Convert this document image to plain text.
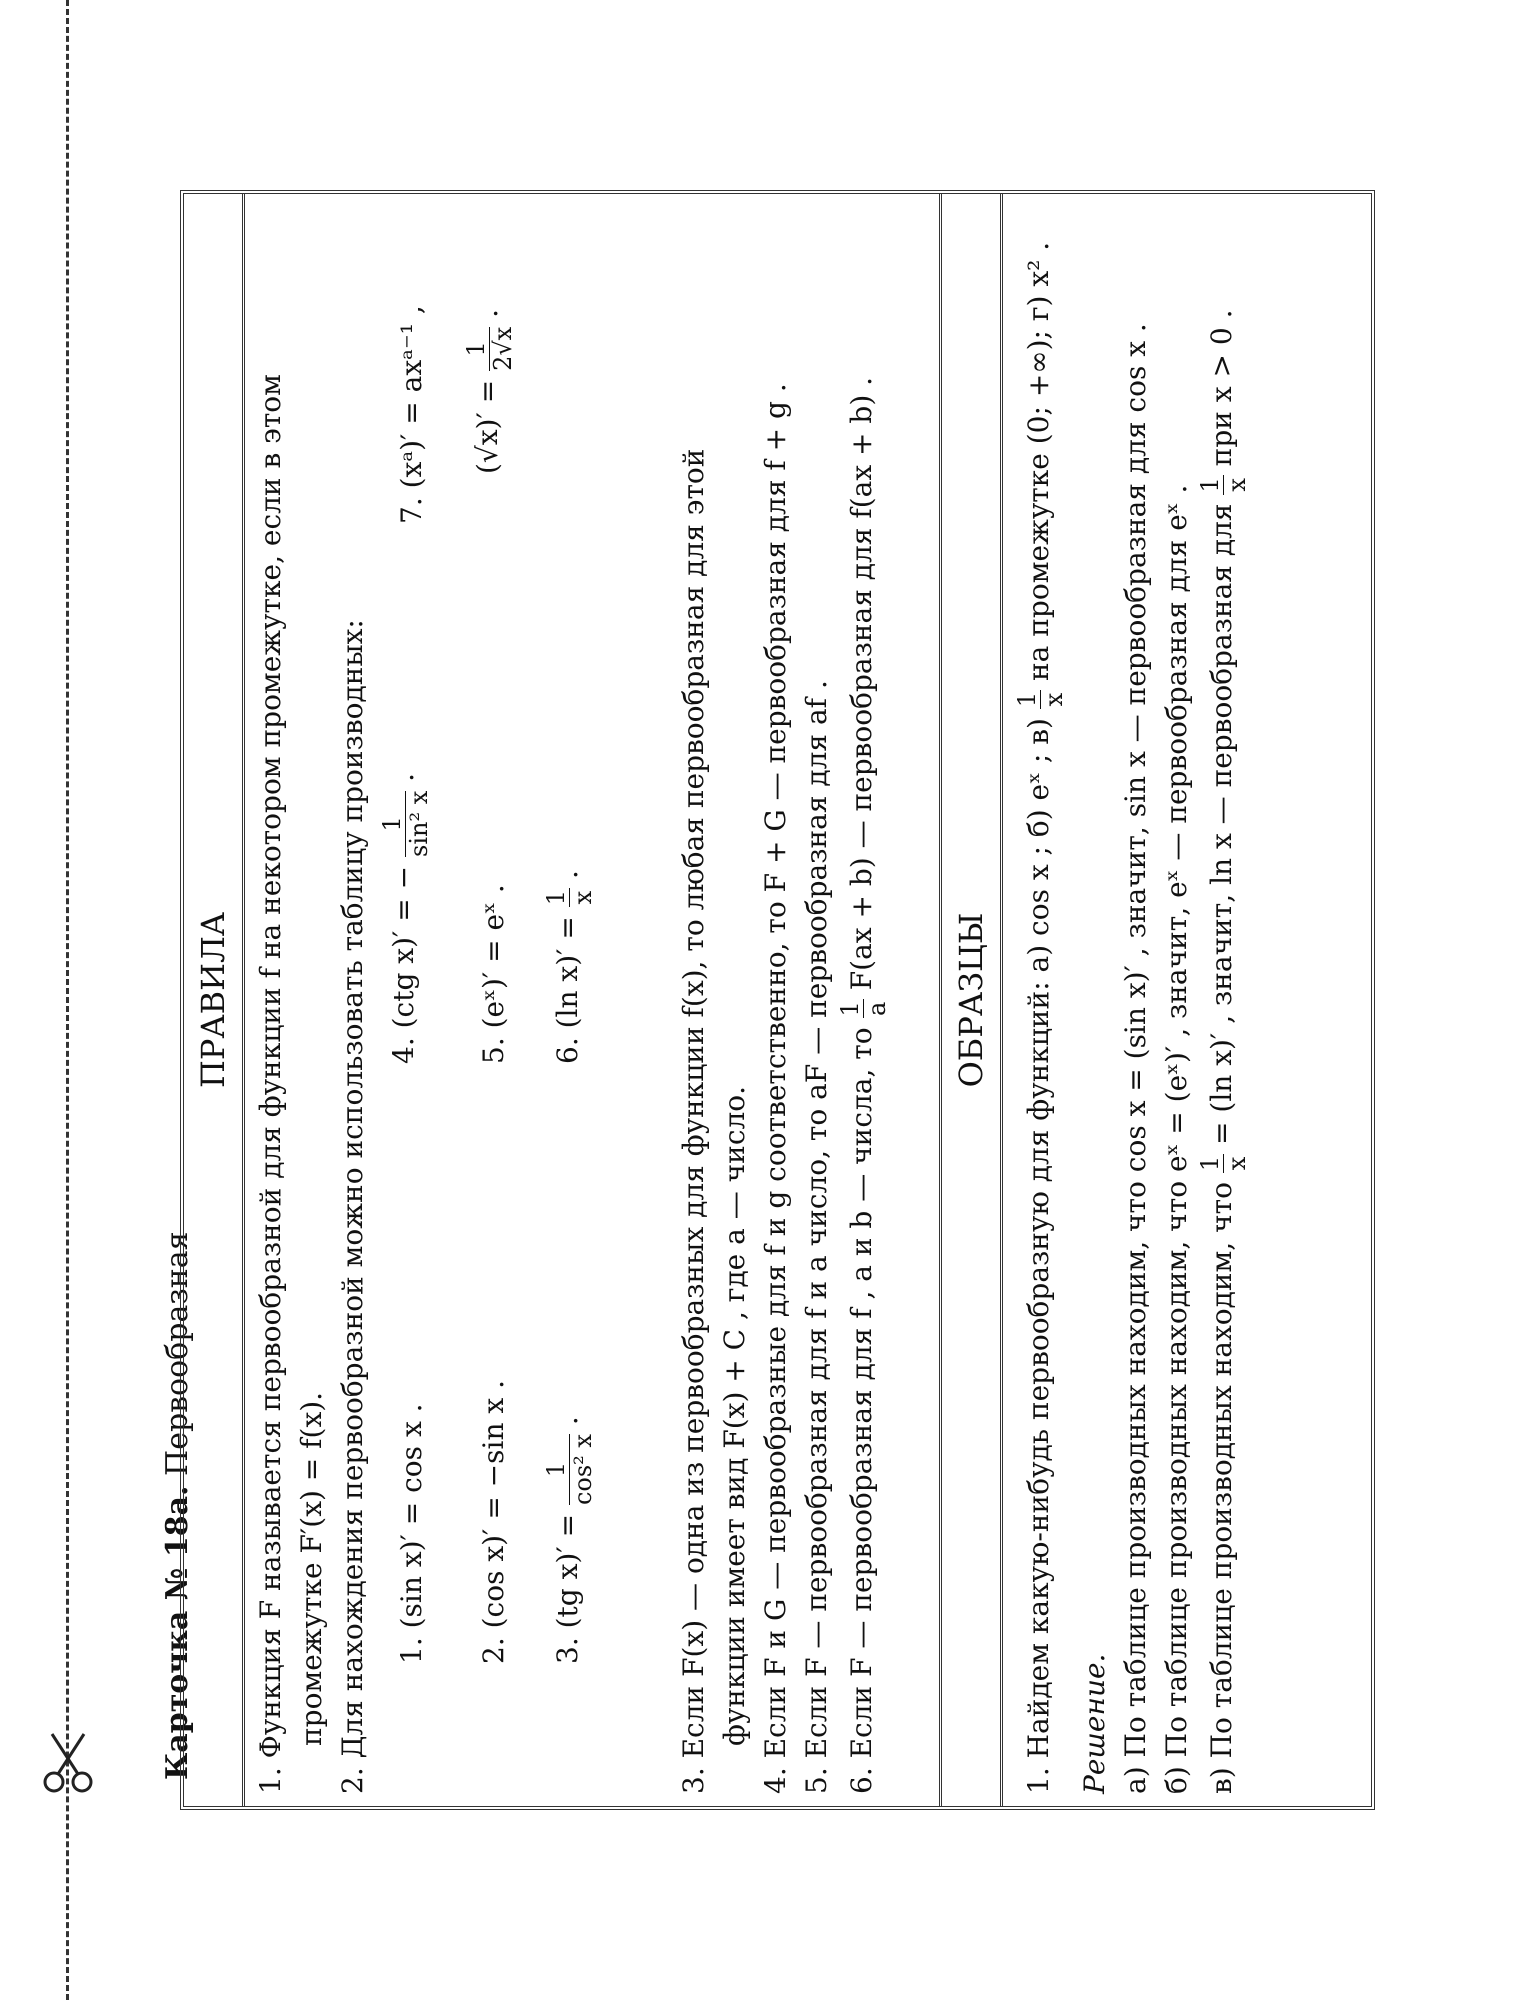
Карточка № 18а. Первообразная
ПРАВИЛА 1. Функция F называется первообразной для функции f на некотором промежутке, если в этом промежутке F′(x) = f(x). 2. Для нахождения первообразной можно использовать таблицу производных: 1. (sin x)′ = cos x . 2. (cos x)′ = −sin x . 3. (tg x)′ =
1 cos² x
.
4. (ctg x)′ = −
1 sin² x
.
5. (eˣ)′ = eˣ . 6. (ln x)′ =
1 x
.
7. (xᵃ)′ = axᵃ⁻¹ , (√x)′ =
1 2√x
.
3. Если F(x) — одна из первообразных для функции f(x), то любая первообразная для этой функции имеет вид F(x) + C , где a — число. 4. Если F и G — первообразные для f и g соответственно, то F + G — первообразная для f + g . 5. Если F — первообразная для f и a число, то aF — первообразная для af . 6. Если F — первообразная для f , a и b — числа, то
1 a
F(ax + b) — первообразная для f(ax + b) .
ОБРАЗЦЫ	1. Найдем какую-нибудь первообразную для функций: а) cos x ; б) eˣ ; в)
1 x
на промежутке (0; +∞); г) x² .
Решение. а) По таблице производных находим, что cos x = (sin x)′ , значит, sin x — первообразная для cos x . б) По таблице производных находим, что eˣ = (eˣ)′ , значит, eˣ — первообразная для eˣ . в) По таблице производных находим, что
1 x
= (ln x)′ , значит, ln x — первообразная для
1 x
при x > 0 .
